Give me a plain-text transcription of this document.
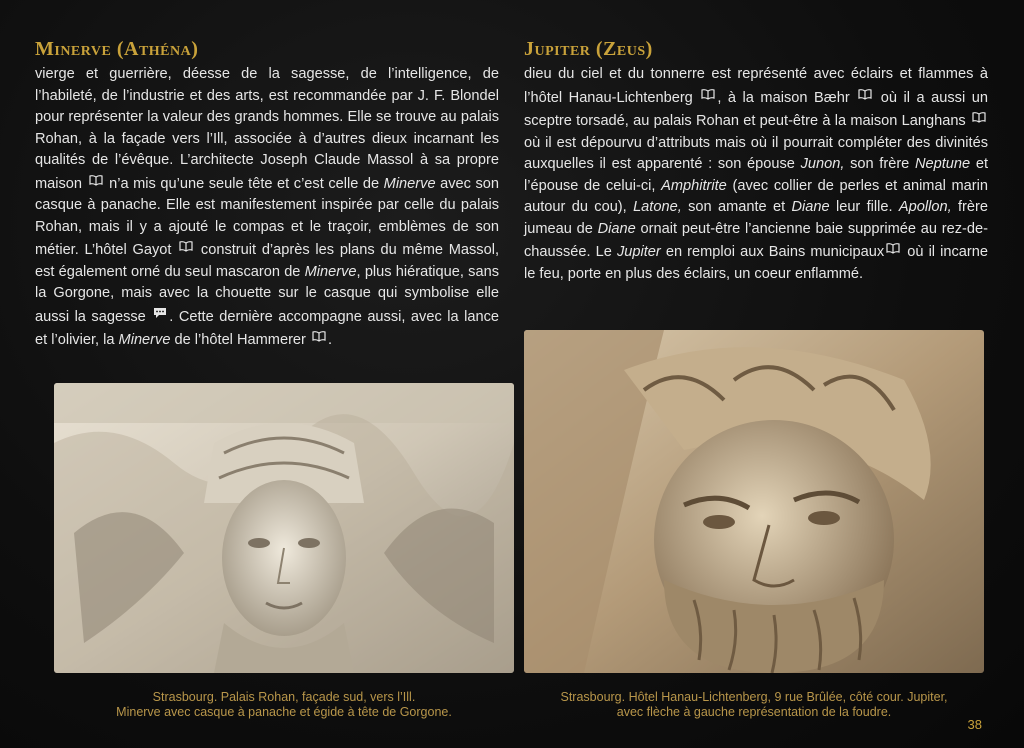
Minerve (Athéna)

vierge et guerrière, déesse de la sagesse, de l’intelligence, de l’habileté, de l’industrie et des arts, est recommandée par J. F. Blondel pour représenter la valeur des grands hommes. Elle se trouve au palais Rohan, à la façade vers l’Ill, associée à d’autres dieux incarnant les qualités de l’évêque. L’architecte Joseph Claude Massol à sa propre maison  n’a mis qu’une seule tête et c’est celle de Minerve avec son casque à panache. Elle est manifestement inspirée par celle du palais Rohan, mais il y a ajouté le compas et le traçoir, emblèmes de son métier. L’hôtel Gayot  construit d’après les plans du même Massol, est également orné du seul mascaron de Minerve, plus hiératique, sans la Gorgone, mais avec la chouette sur le casque qui symbolise elle aussi la sagesse . Cette dernière accompagne aussi, avec la lance et l’olivier, la Minerve de l’hôtel Hammerer .

Jupiter (Zeus)

dieu du ciel et du tonnerre est représenté avec éclairs et flammes à l’hôtel Hanau-Lichtenberg , à la maison Bæhr  où il a aussi un sceptre torsadé, au palais Rohan et peut-être à la maison Langhans  où il est dépourvu d’attributs mais où il pourrait compléter des divinités auxquelles il est apparenté : son épouse Junon, son frère Neptune et l’épouse de celui-ci, Amphitrite (avec collier de perles et animal marin autour du cou), Latone, son amante et Diane leur fille. Apollon, frère jumeau de Diane ornait peut-être l’ancienne baie supprimée au rez-de-chaussée. Le Jupiter en remploi aux Bains municipaux où il incarne le feu, porte en plus des éclairs, un coeur enflammé.

Strasbourg. Palais Rohan, façade sud, vers l’Ill.
Minerve avec casque à panache et égide à tête de Gorgone.
Strasbourg. Hôtel Hanau-Lichtenberg, 9 rue Brûlée, côté cour. Jupiter,
avec flèche à gauche représentation de la foudre.
38
